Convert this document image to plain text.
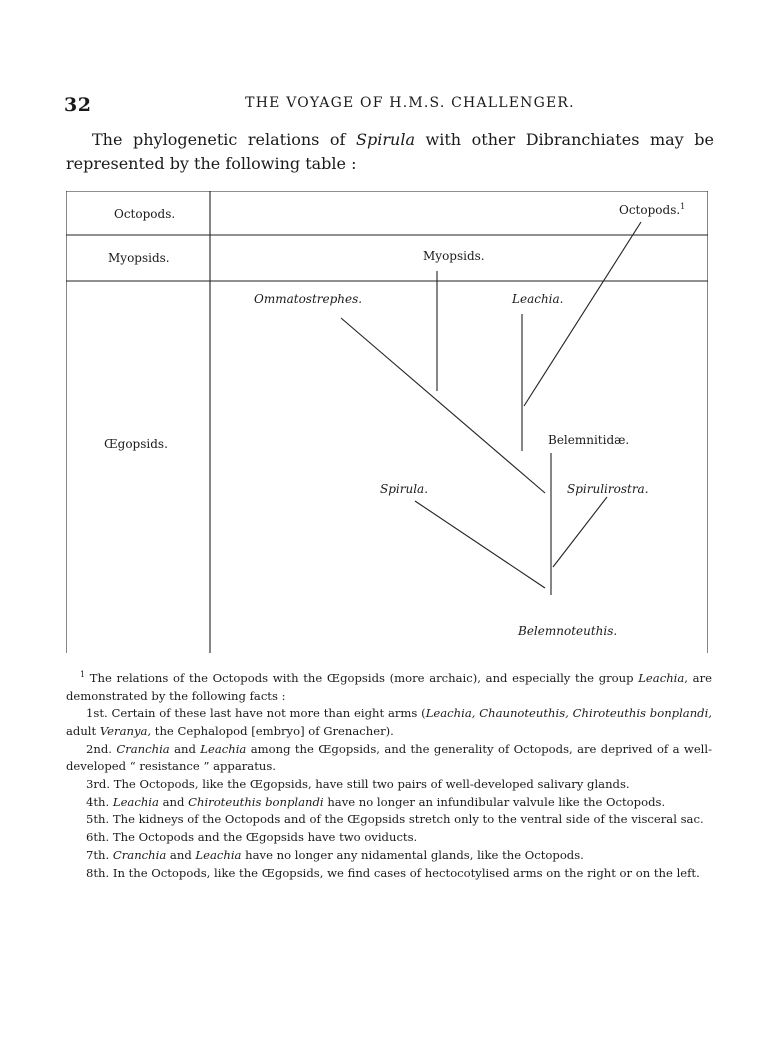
32	THE VOYAGE OF H.M.S. CHALLENGER.

The phylogenetic relations of Spirula with other Dibranchiates may be represented by the following table :

Octopods.
Myopsids.
Œgopsids.
Octopods.$^1$
Myopsids.
Ommatostrephes.	Leachia.
Belemnitidæ.
Spirula.	Spirulirostra.
Belemnoteuthis.

$^1$ The relations of the Octopods with the Œgopsids (more archaic), and especially the group Leachia, are demonstrated by the following facts :

1st. Certain of these last have not more than eight arms (Leachia, Chaunoteuthis, Chiroteuthis bonplandi, adult Veranya, the Cephalopod [embryo] of Grenacher).

2nd. Cranchia and Leachia among the Œgopsids, and the generality of Octopods, are deprived of a well-developed “ resistance ” apparatus.

3rd. The Octopods, like the Œgopsids, have still two pairs of well-developed salivary glands.

4th. Leachia and Chiroteuthis bonplandi have no longer an infundibular valvule like the Octopods.

5th. The kidneys of the Octopods and of the Œgopsids stretch only to the ventral side of the visceral sac.

6th. The Octopods and the Œgopsids have two oviducts.

7th. Cranchia and Leachia have no longer any nidamental glands, like the Octopods.

8th. In the Octopods, like the Œgopsids, we find cases of hectocotylised arms on the right or on the left.
